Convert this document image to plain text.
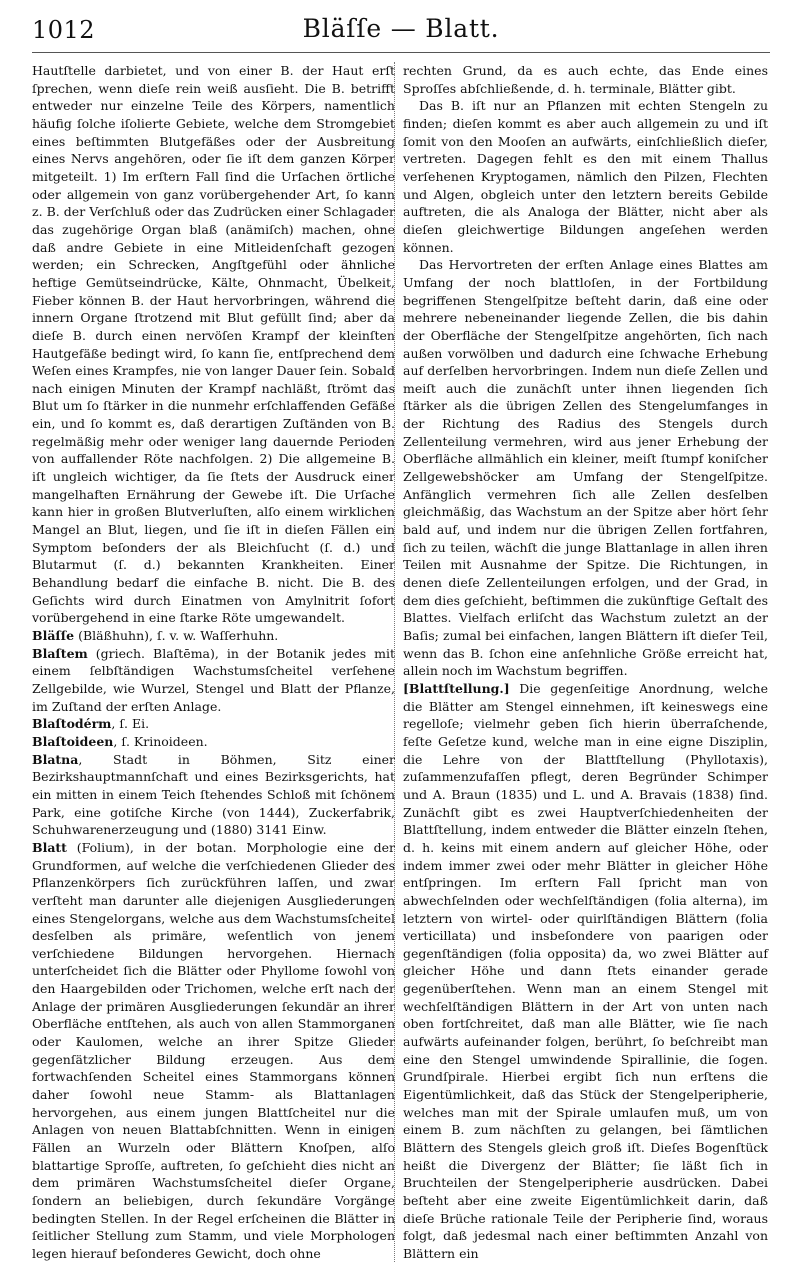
1012	Bläſſe — Blatt.

Hautſtelle darbietet, und von einer B. der Haut erſt ſprechen, wenn dieſe rein weiß ausſieht. Die B. betrifft entweder nur einzelne Teile des Körpers, namentlich häufig ſolche iſolierte Gebiete, welche dem Stromgebiet eines beſtimmten Blutgefäßes oder der Ausbreitung eines Nervs angehören, oder ſie iſt dem ganzen Körper mitgeteilt. 1) Im erſtern Fall ſind die Urſachen örtliche oder allgemein von ganz vorübergehender Art, ſo kann z. B. der Verſchluß oder das Zudrücken einer Schlagader das zugehörige Organ blaß (anämiſch) machen, ohne daß andre Gebiete in eine Mitleidenſchaft gezogen werden; ein Schrecken, Angſtgefühl oder ähnliche heftige Gemütseindrücke, Kälte, Ohnmacht, Übelkeit, Fieber können B. der Haut hervorbringen, während die innern Organe ſtrotzend mit Blut gefüllt ſind; aber da dieſe B. durch einen nervöſen Krampf der kleinſten Hautgefäße bedingt wird, ſo kann ſie, entſprechend dem Weſen eines Krampfes, nie von langer Dauer ſein. Sobald nach einigen Minuten der Krampf nachläßt, ſtrömt das Blut um ſo ſtärker in die nunmehr erſchlaffenden Gefäße ein, und ſo kommt es, daß derartigen Zuſtänden von B. regelmäßig mehr oder weniger lang dauernde Perioden von auffallender Röte nachfolgen. 2) Die allgemeine B. iſt ungleich wichtiger, da ſie ſtets der Ausdruck einer mangelhaften Ernährung der Gewebe iſt. Die Urſache kann hier in großen Blutverluſten, alſo einem wirklichen Mangel an Blut, liegen, und ſie iſt in dieſen Fällen ein Symptom beſonders der als Bleichſucht (ſ. d.) und Blutarmut (ſ. d.) bekannten Krankheiten. Einer Behandlung bedarf die einfache B. nicht. Die B. des Geſichts wird durch Einatmen von Amylnitrit ſofort vorübergehend in eine ſtarke Röte umgewandelt.

Bläſſe (Bläßhuhn), ſ. v. w. Waſſerhuhn.

Blaſtem (griech. Blaſtēma), in der Botanik jedes mit einem ſelbſtändigen Wachstumsſcheitel verſehene Zellgebilde, wie Wurzel, Stengel und Blatt der Pflanze, im Zuſtand der erſten Anlage.

Blaſtodérm, ſ. Ei.

Blaſtoideen, ſ. Krinoideen.

Blatna, Stadt in Böhmen, Sitz einer Bezirkshauptmannſchaft und eines Bezirksgerichts, hat ein mitten in einem Teich ſtehendes Schloß mit ſchönem Park, eine gotiſche Kirche (von 1444), Zuckerfabrik, Schuhwarenerzeugung und (1880) 3141 Einw.

Blatt (Folium), in der botan. Morphologie eine der Grundformen, auf welche die verſchiedenen Glieder des Pflanzenkörpers ſich zurückführen laſſen, und zwar verſteht man darunter alle diejenigen Ausgliederungen eines Stengelorgans, welche aus dem Wachstumsſcheitel desſelben als primäre, weſentlich von jenem verſchiedene Bildungen hervorgehen. Hiernach unterſcheidet ſich die Blätter oder Phyllome ſowohl von den Haargebilden oder Trichomen, welche erſt nach der Anlage der primären Ausgliederungen ſekundär an ihrer Oberfläche entſtehen, als auch von allen Stammorganen oder Kaulomen, welche an ihrer Spitze Glieder gegenſätzlicher Bildung erzeugen. Aus dem fortwachſenden Scheitel eines Stammorgans können daher ſowohl neue Stamm- als Blattanlagen hervorgehen, aus einem jungen Blattſcheitel nur die Anlagen von neuen Blattabſchnitten. Wenn in einigen Fällen an Wurzeln oder Blättern Knoſpen, alſo blattartige Sproſſe, auftreten, ſo geſchieht dies nicht an dem primären Wachstumsſcheitel dieſer Organe, ſondern an beliebigen, durch ſekundäre Vorgänge bedingten Stellen. In der Regel erſcheinen die Blätter in ſeitlicher Stellung zum Stamm, und viele Morphologen legen hierauf beſonderes Gewicht, doch ohne

rechten Grund, da es auch echte, das Ende eines Sproſſes abſchließende, d. h. terminale, Blätter gibt.

Das B. iſt nur an Pflanzen mit echten Stengeln zu finden; dieſen kommt es aber auch allgemein zu und iſt ſomit von den Mooſen an aufwärts, einſchließlich dieſer, vertreten. Dagegen fehlt es den mit einem Thallus verſehenen Kryptogamen, nämlich den Pilzen, Flechten und Algen, obgleich unter den letztern bereits Gebilde auftreten, die als Analoga der Blätter, nicht aber als dieſen gleichwertige Bildungen angeſehen werden können.

Das Hervortreten der erſten Anlage eines Blattes am Umfang der noch blattloſen, in der Fortbildung begriffenen Stengelſpitze beſteht darin, daß eine oder mehrere nebeneinander liegende Zellen, die bis dahin der Oberfläche der Stengelſpitze angehörten, ſich nach außen vorwölben und dadurch eine ſchwache Erhebung auf derſelben hervorbringen. Indem nun dieſe Zellen und meiſt auch die zunächſt unter ihnen liegenden ſich ſtärker als die übrigen Zellen des Stengelumfanges in der Richtung des Radius des Stengels durch Zellenteilung vermehren, wird aus jener Erhebung der Oberfläche allmählich ein kleiner, meiſt ſtumpf koniſcher Zellgewebshöcker am Umfang der Stengelſpitze. Anfänglich vermehren ſich alle Zellen desſelben gleichmäßig, das Wachstum an der Spitze aber hört ſehr bald auf, und indem nur die übrigen Zellen fortfahren, ſich zu teilen, wächſt die junge Blattanlage in allen ihren Teilen mit Ausnahme der Spitze. Die Richtungen, in denen dieſe Zellenteilungen erfolgen, und der Grad, in dem dies geſchieht, beſtimmen die zukünftige Geſtalt des Blattes. Vielfach erliſcht das Wachstum zuletzt an der Baſis; zumal bei einfachen, langen Blättern iſt dieſer Teil, wenn das B. ſchon eine anſehnliche Größe erreicht hat, allein noch im Wachstum begriffen.

[Blattſtellung.] Die gegenſeitige Anordnung, welche die Blätter am Stengel einnehmen, iſt keineswegs eine regelloſe; vielmehr geben ſich hierin überraſchende, feſte Geſetze kund, welche man in eine eigne Disziplin, die Lehre von der Blattſtellung (Phyllotaxis), zuſammenzufaſſen pflegt, deren Begründer Schimper und A. Braun (1835) und L. und A. Bravais (1838) ſind. Zunächſt gibt es zwei Hauptverſchiedenheiten der Blattſtellung, indem entweder die Blätter einzeln ſtehen, d. h. keins mit einem andern auf gleicher Höhe, oder indem immer zwei oder mehr Blätter in gleicher Höhe entſpringen. Im erſtern Fall ſpricht man von abwechſelnden oder wechſelſtändigen (folia alterna), im letztern von wirtel- oder quirlſtändigen Blättern (folia verticillata) und insbeſondere von paarigen oder gegenſtändigen (folia opposita) da, wo zwei Blätter auf gleicher Höhe und dann ſtets einander gerade gegenüberſtehen. Wenn man an einem Stengel mit wechſelſtändigen Blättern in der Art von unten nach oben fortſchreitet, daß man alle Blätter, wie ſie nach aufwärts aufeinander folgen, berührt, ſo beſchreibt man eine den Stengel umwindende Spirallinie, die ſogen. Grundſpirale. Hierbei ergibt ſich nun erſtens die Eigentümlichkeit, daß das Stück der Stengelperipherie, welches man mit der Spirale umlaufen muß, um von einem B. zum nächſten zu gelangen, bei ſämtlichen Blättern des Stengels gleich groß iſt. Dieſes Bogenſtück heißt die Divergenz der Blätter; ſie läßt ſich in Bruchteilen der Stengelperipherie ausdrücken. Dabei beſteht aber eine zweite Eigentümlichkeit darin, daß dieſe Brüche rationale Teile der Peripherie ſind, woraus folgt, daß jedesmal nach einer beſtimmten Anzahl von Blättern ein
